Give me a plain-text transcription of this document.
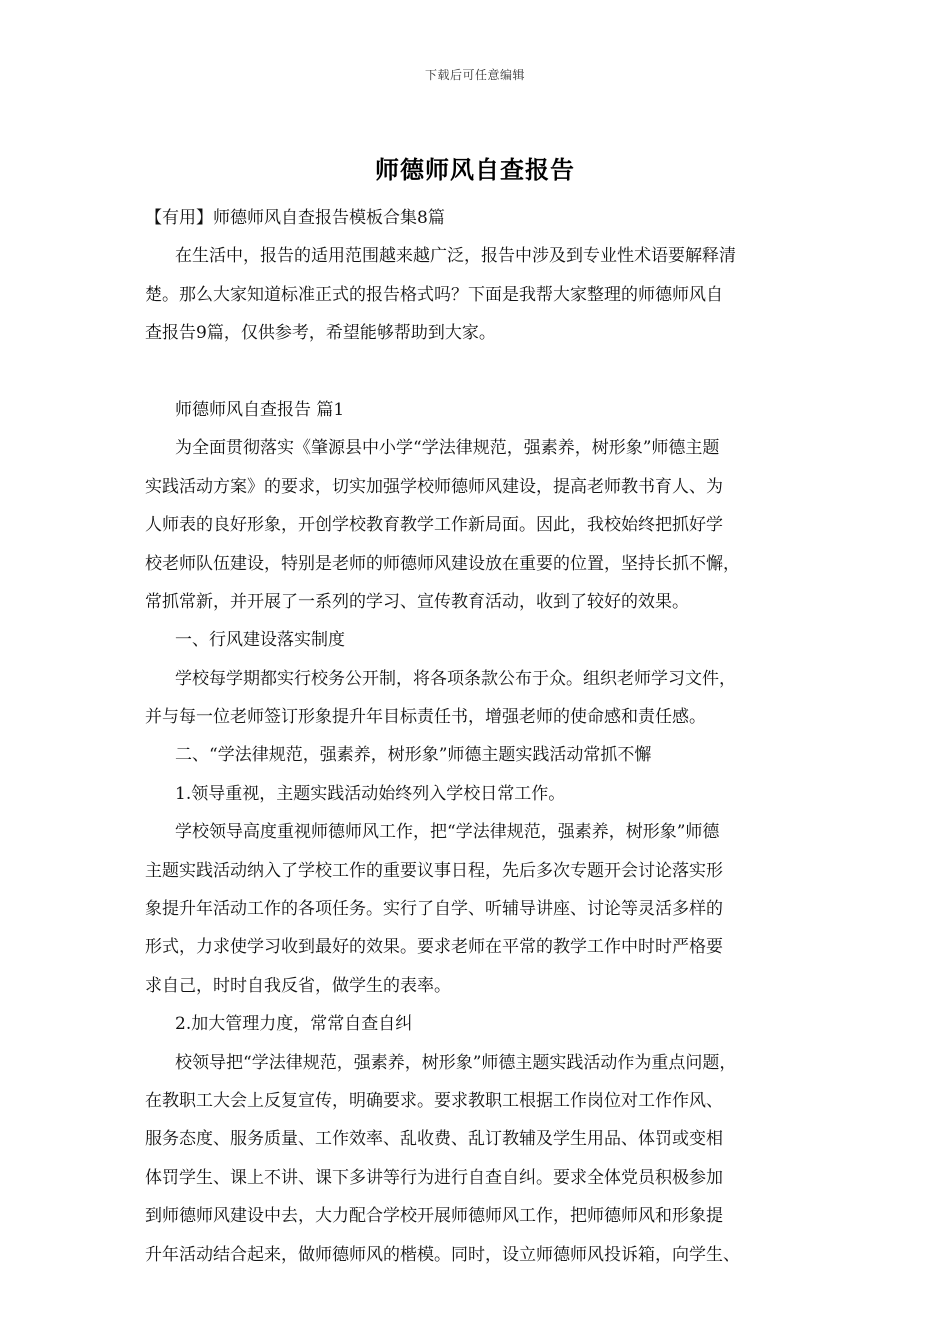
下载后可任意编辑
师德师风自查报告
【有用】师德师风自查报告模板合集8篇
在生活中，报告的适用范围越来越广泛，报告中涉及到专业性术语要解释清
楚。那么大家知道标准正式的报告格式吗？下面是我帮大家整理的师德师风自
查报告9篇，仅供参考，希望能够帮助到大家。
师德师风自查报告 篇1
为全面贯彻落实《肇源县中小学“学法律规范，强素养，树形象”师德主题
实践活动方案》的要求，切实加强学校师德师风建设，提高老师教书育人、为
人师表的良好形象，开创学校教育教学工作新局面。因此，我校始终把抓好学
校老师队伍建设，特别是老师的师德师风建设放在重要的位置，坚持长抓不懈，
常抓常新，并开展了一系列的学习、宣传教育活动，收到了较好的效果。
一、行风建设落实制度
学校每学期都实行校务公开制，将各项条款公布于众。组织老师学习文件，
并与每一位老师签订形象提升年目标责任书，增强老师的使命感和责任感。
二、“学法律规范，强素养，树形象”师德主题实践活动常抓不懈
1.领导重视，主题实践活动始终列入学校日常工作。
学校领导高度重视师德师风工作，把“学法律规范，强素养，树形象”师德
主题实践活动纳入了学校工作的重要议事日程，先后多次专题开会讨论落实形
象提升年活动工作的各项任务。实行了自学、听辅导讲座、讨论等灵活多样的
形式，力求使学习收到最好的效果。要求老师在平常的教学工作中时时严格要
求自己，时时自我反省，做学生的表率。
2.加大管理力度，常常自查自纠
校领导把“学法律规范，强素养，树形象”师德主题实践活动作为重点问题，
在教职工大会上反复宣传，明确要求。要求教职工根据工作岗位对工作作风、
服务态度、服务质量、工作效率、乱收费、乱订教辅及学生用品、体罚或变相
体罚学生、课上不讲、课下多讲等行为进行自查自纠。要求全体党员积极参加
到师德师风建设中去，大力配合学校开展师德师风工作，把师德师风和形象提
升年活动结合起来，做师德师风的楷模。同时，设立师德师风投诉箱，向学生、
